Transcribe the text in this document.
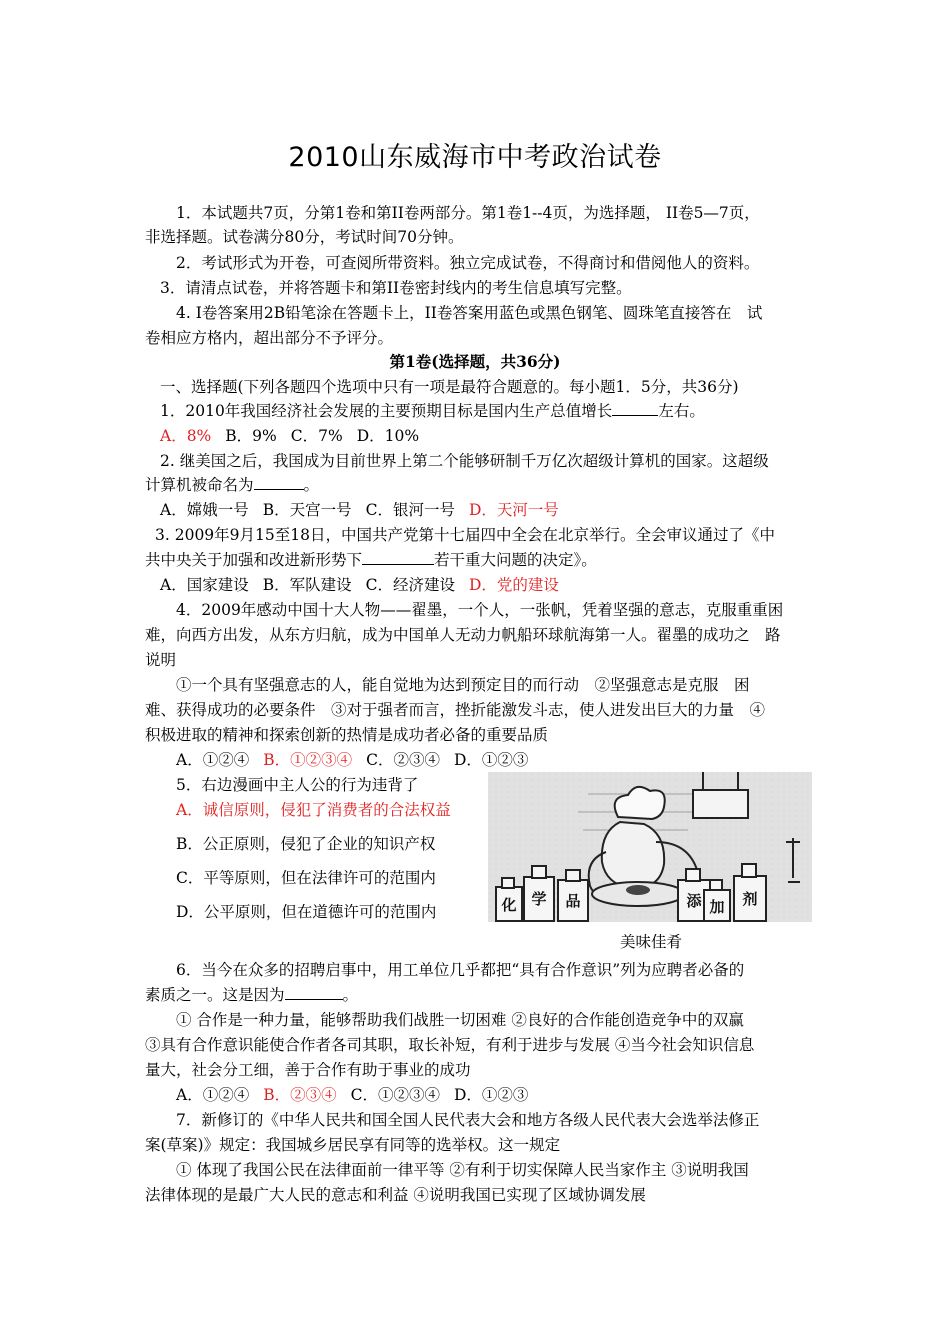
2010山东威海市中考政治试卷
1．本试题共7页，分第1卷和第II卷两部分。第1卷1--4页，为选择题， II卷5—7页，
非选择题。试卷满分80分，考试时间70分钟。
2．考试形式为开卷，可查阅所带资料。独立完成试卷，不得商讨和借阅他人的资料。
3．请清点试卷，并将答题卡和第II卷密封线内的考生信息填写完整。
4. I卷答案用2B铅笔涂在答题卡上，II卷答案用蓝色或黑色钢笔、圆珠笔直接答在　试
卷相应方格内，超出部分不予评分。
第1卷(选择题，共36分)
一、选择题(下列各题四个选项中只有一项是最符合题意的。每小题1．5分，共36分)
1．2010年我国经济社会发展的主要预期目标是国内生产总值增长	左右。
A．8% B．9% C．7% D．10%
2. 继美国之后，我国成为目前世界上第二个能够研制千万亿次超级计算机的国家。这超级
计算机被命名为	。
A．嫦娥一号 B．天宫一号 C．银河一号 D．天河一号
3. 2009年9月15至18日，中国共产党第十七届四中全会在北京举行。全会审议通过了《中
共中央关于加强和改进新形势下	若干重大问题的决定》。
A．国家建设 B．军队建设 C．经济建设 D．党的建设
4．2009年感动中国十大人物——翟墨，一个人，一张帆，凭着坚强的意志，克服重重困
难，向西方出发，从东方归航，成为中国单人无动力帆船环球航海第一人。翟墨的成功之　路
说明
①一个具有坚强意志的人，能自觉地为达到预定目的而行动　②坚强意志是克服　困
难、获得成功的必要条件　③对于强者而言，挫折能激发斗志，使人进发出巨大的力量　④
积极进取的精神和探索创新的热情是成功者必备的重要品质
A．①②④ B．①②③④ C．②③④ D．①②③
5．右边漫画中主人公的行为违背了
A．诚信原则，侵犯了消费者的合法权益
B．公正原则，侵犯了企业的知识产权
C．平等原则，但在法律许可的范围内
D．公平原则，但在道德许可的范围内	化 学 品	添 加 剂
美味佳肴
6．当今在众多的招聘启事中，用工单位几乎都把“具有合作意识”列为应聘者必备的
素质之一。这是因为	。
① 合作是一种力量，能够帮助我们战胜一切困难 ②良好的合作能创造竞争中的双赢
③具有合作意识能使合作者各司其职，取长补短，有利于进步与发展 ④当今社会知识信息
量大，社会分工细，善于合作有助于事业的成功
A．①②④ B．②③④ C．①②③④ D．①②③
7．新修订的《中华人民共和国全国人民代表大会和地方各级人民代表大会选举法修正
案(草案)》规定：我国城乡居民享有同等的选举权。这一规定
① 体现了我国公民在法律面前一律平等 ②有利于切实保障人民当家作主 ③说明我国
法律体现的是最广大人民的意志和利益 ④说明我国已实现了区域协调发展
